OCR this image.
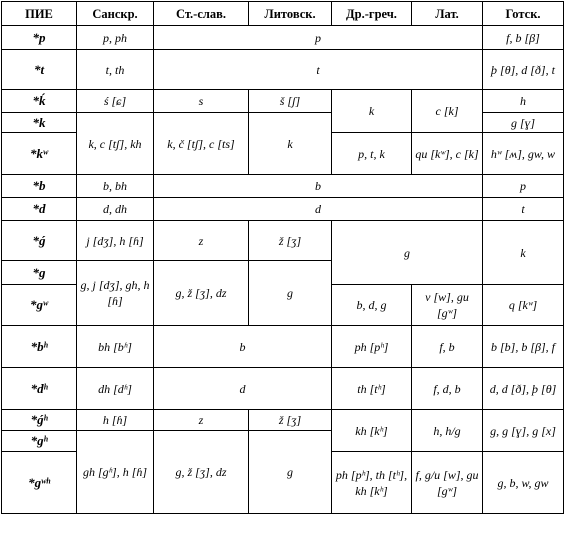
ПИЕ	Санскр.	Ст.-слав.	Литовск.	Др.-греч.	Лат.	Готск.
*p	p, ph	p				f, b [β]
*t	t, th	t				þ [θ], d [ð], t
*ḱ	ś [ɕ]	s	š [ʃ]	k	c [k]	h
*k	k, c [tʃ], kh	k, č [tʃ], c [ts]	k			g [ɣ]
*kʷ				p, t, k	qu [kʷ], c [k]	hʷ [ʍ], gw, w
*b	b, bh	b				p
*d	d, dh	d				t
*ǵ	j [dʒ], h [ɦ]	z	ž [ʒ]	g		k
*g	g, j [dʒ], gh, h [ɦ]	g, ž [ʒ], dz	g			
*gʷ				b, d, g	v [w], gu [gʷ]	q [kʷ]
*bʰ	bh [bʱ]	b		ph [pʰ]	f, b	b [b], b [β], f
*dʰ	dh [dʱ]	d		th [tʰ]	f, d, b	d, d [ð], þ [θ]
*ǵʰ	h [ɦ]	z	ž [ʒ]	kh [kʰ]	h, h/g	g, g [ɣ], g [x]
*gʰ	gh [gʱ], h [ɦ]	g, ž [ʒ], dz	g			
*gʷʰ				ph [pʰ], th [tʰ], kh [kʰ]	f, g/u [w], gu [gʷ]	g, b, w, gw
